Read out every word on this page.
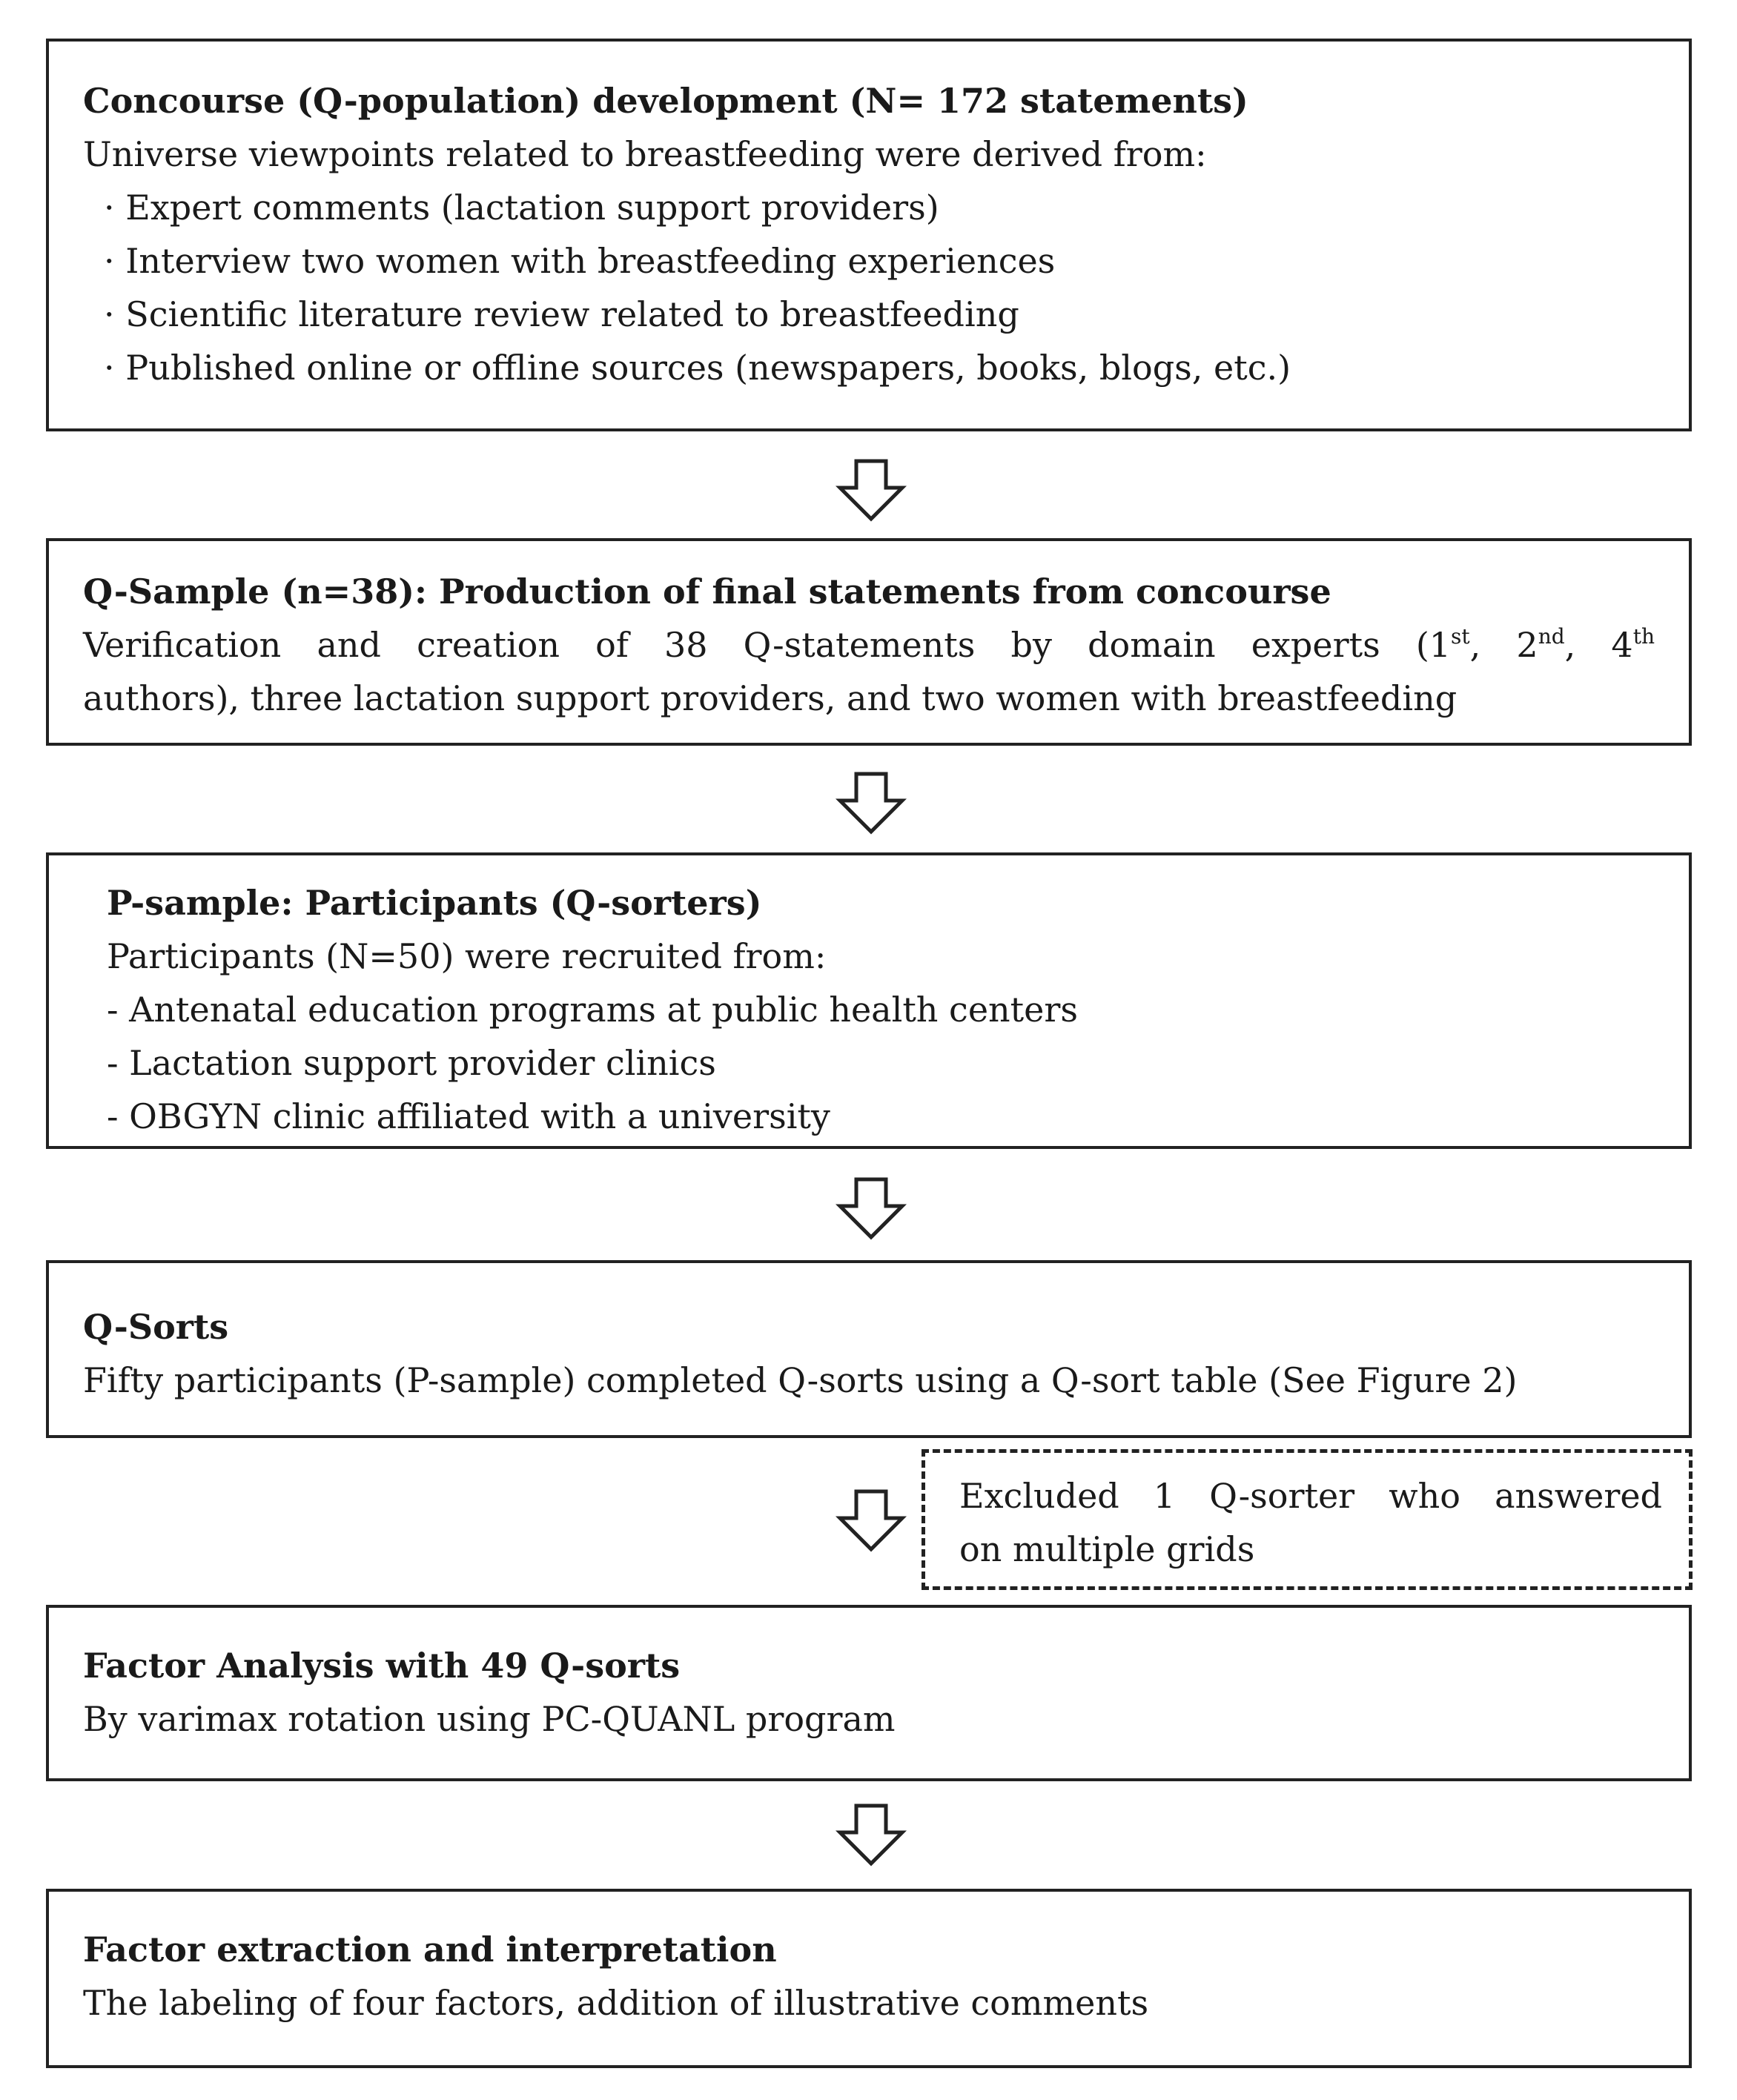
Concourse (Q-population) development (N= 172 statements)
Universe viewpoints related to breastfeeding were derived from:
· Expert comments (lactation support providers)
· Interview two women with breastfeeding experiences
· Scientific literature review related to breastfeeding
· Published online or offline sources (newspapers, books, blogs, etc.)
Q-Sample (n=38): Production of final statements from concourse
Verification and creation of 38 Q-statements by domain experts (1st, 2nd, 4th
authors), three lactation support providers, and two women with breastfeeding
P-sample: Participants (Q-sorters)
Participants (N=50) were recruited from:
- Antenatal education programs at public health centers
- Lactation support provider clinics
- OBGYN clinic affiliated with a university
Q-Sorts
Fifty participants (P-sample) completed Q-sorts using a Q-sort table (See Figure 2)
Excluded 1 Q-sorter who answered
on multiple grids
Factor Analysis with 49 Q-sorts
By varimax rotation using PC-QUANL program
Factor extraction and interpretation
The labeling of four factors, addition of illustrative comments
